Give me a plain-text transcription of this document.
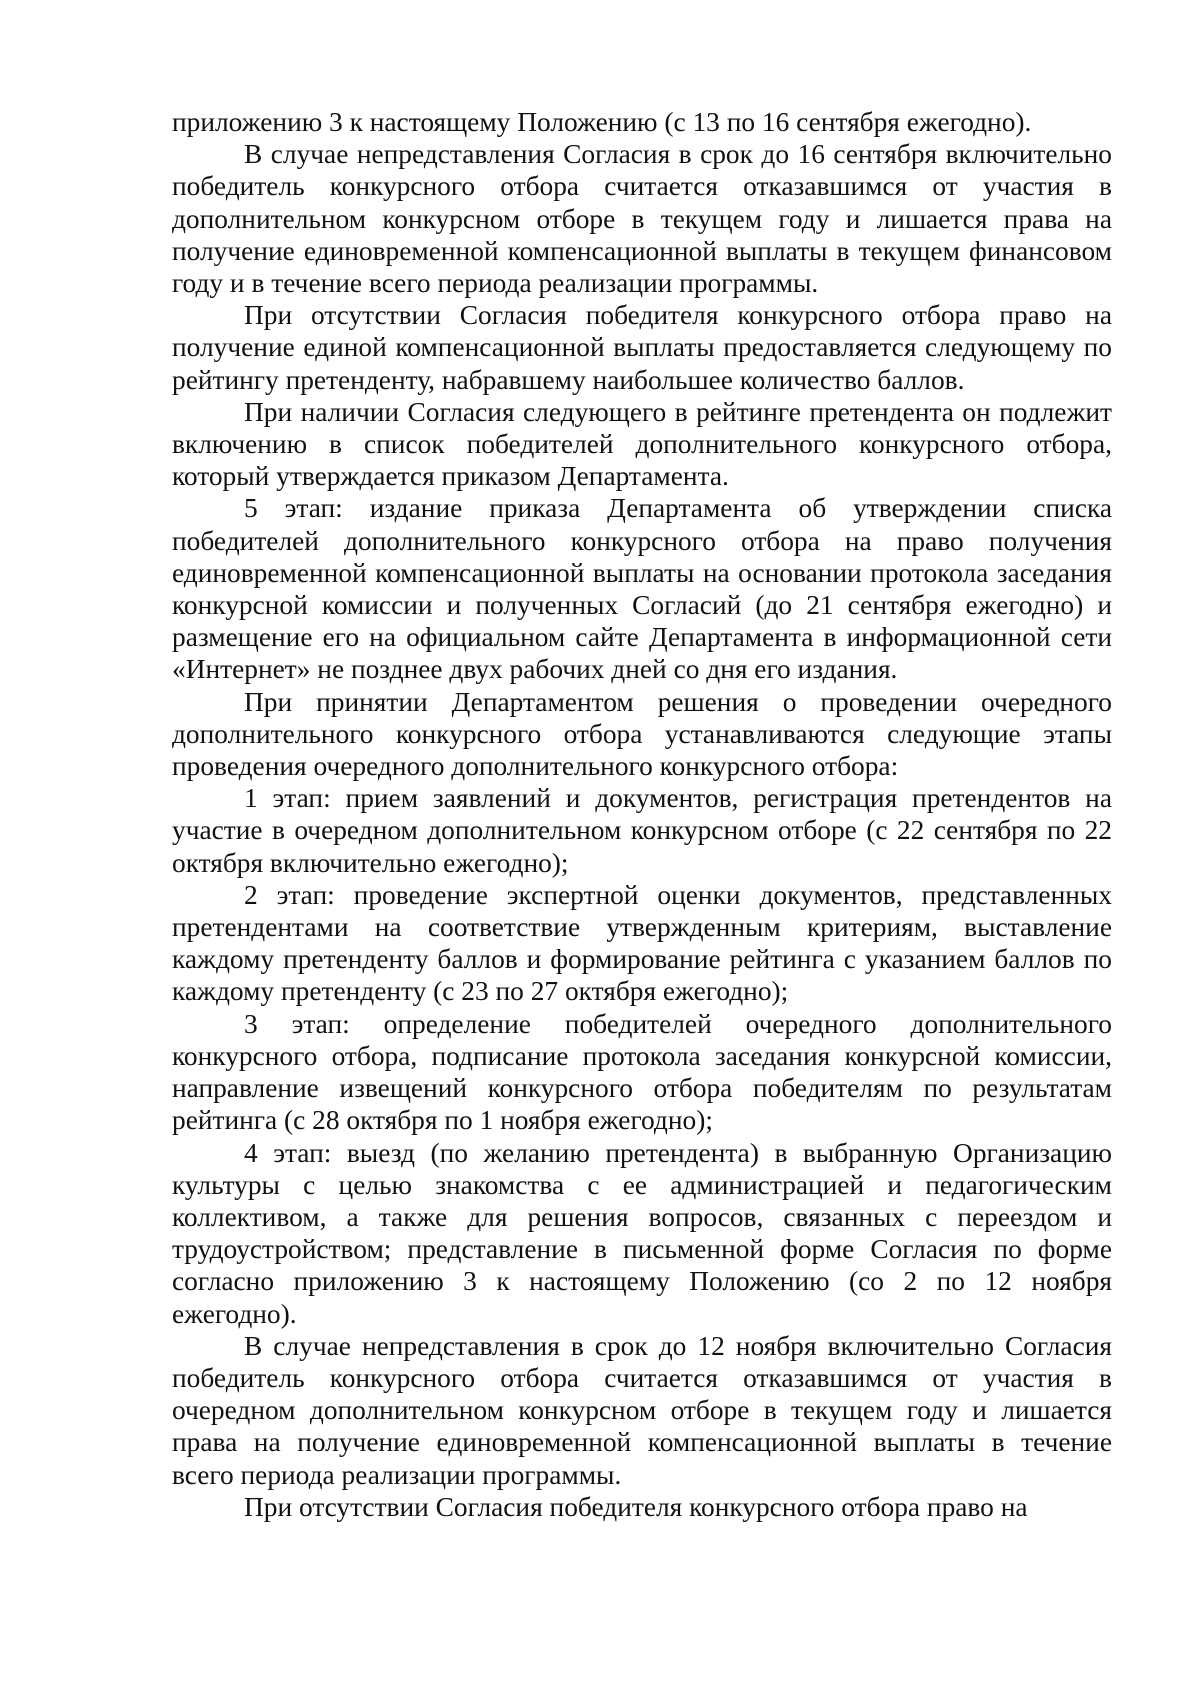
приложению 3 к настоящему Положению (с 13 по 16 сентября ежегодно).

В случае непредставления Согласия в срок до 16 сентября включительно победитель конкурсного отбора считается отказавшимся от участия в дополнительном конкурсном отборе в текущем году и лишается права на получение единовременной компенсационной выплаты в текущем финансовом году и в течение всего периода реализации программы.

При отсутствии Согласия победителя конкурсного отбора право на получение единой компенсационной выплаты предоставляется следующему по рейтингу претенденту, набравшему наибольшее количество баллов.

При наличии Согласия следующего в рейтинге претендента он подлежит включению в список победителей дополнительного конкурсного отбора, который утверждается приказом Департамента.

5 этап: издание приказа Департамента об утверждении списка победителей дополнительного конкурсного отбора на право получения единовременной компенсационной выплаты на основании протокола заседания конкурсной комиссии и полученных Согласий (до 21 сентября ежегодно) и размещение его на официальном сайте Департамента в информационной сети «Интернет» не позднее двух рабочих дней со дня его издания.

При принятии Департаментом решения о проведении очередного дополнительного конкурсного отбора устанавливаются следующие этапы проведения очередного дополнительного конкурсного отбора:

1 этап: прием заявлений и документов, регистрация претендентов на участие в очередном дополнительном конкурсном отборе (с 22 сентября по 22 октября включительно ежегодно);

2 этап: проведение экспертной оценки документов, представленных претендентами на соответствие утвержденным критериям, выставление каждому претенденту баллов и формирование рейтинга с указанием баллов по каждому претенденту (с 23 по 27 октября ежегодно);

3 этап: определение победителей очередного дополнительного конкурсного отбора, подписание протокола заседания конкурсной комиссии, направление извещений конкурсного отбора победителям по результатам рейтинга (с 28 октября по 1 ноября ежегодно);

4 этап: выезд (по желанию претендента) в выбранную Организацию культуры с целью знакомства с ее администрацией и педагогическим коллективом, а также для решения вопросов, связанных с переездом и трудоустройством; представление в письменной форме Согласия по форме согласно приложению 3 к настоящему Положению (со 2 по 12 ноября ежегодно).

В случае непредставления в срок до 12 ноября включительно Согласия победитель конкурсного отбора считается отказавшимся от участия в очередном дополнительном конкурсном отборе в текущем году и лишается права на получение единовременной компенсационной выплаты в течение всего периода реализации программы.

При отсутствии Согласия победителя конкурсного отбора право на
